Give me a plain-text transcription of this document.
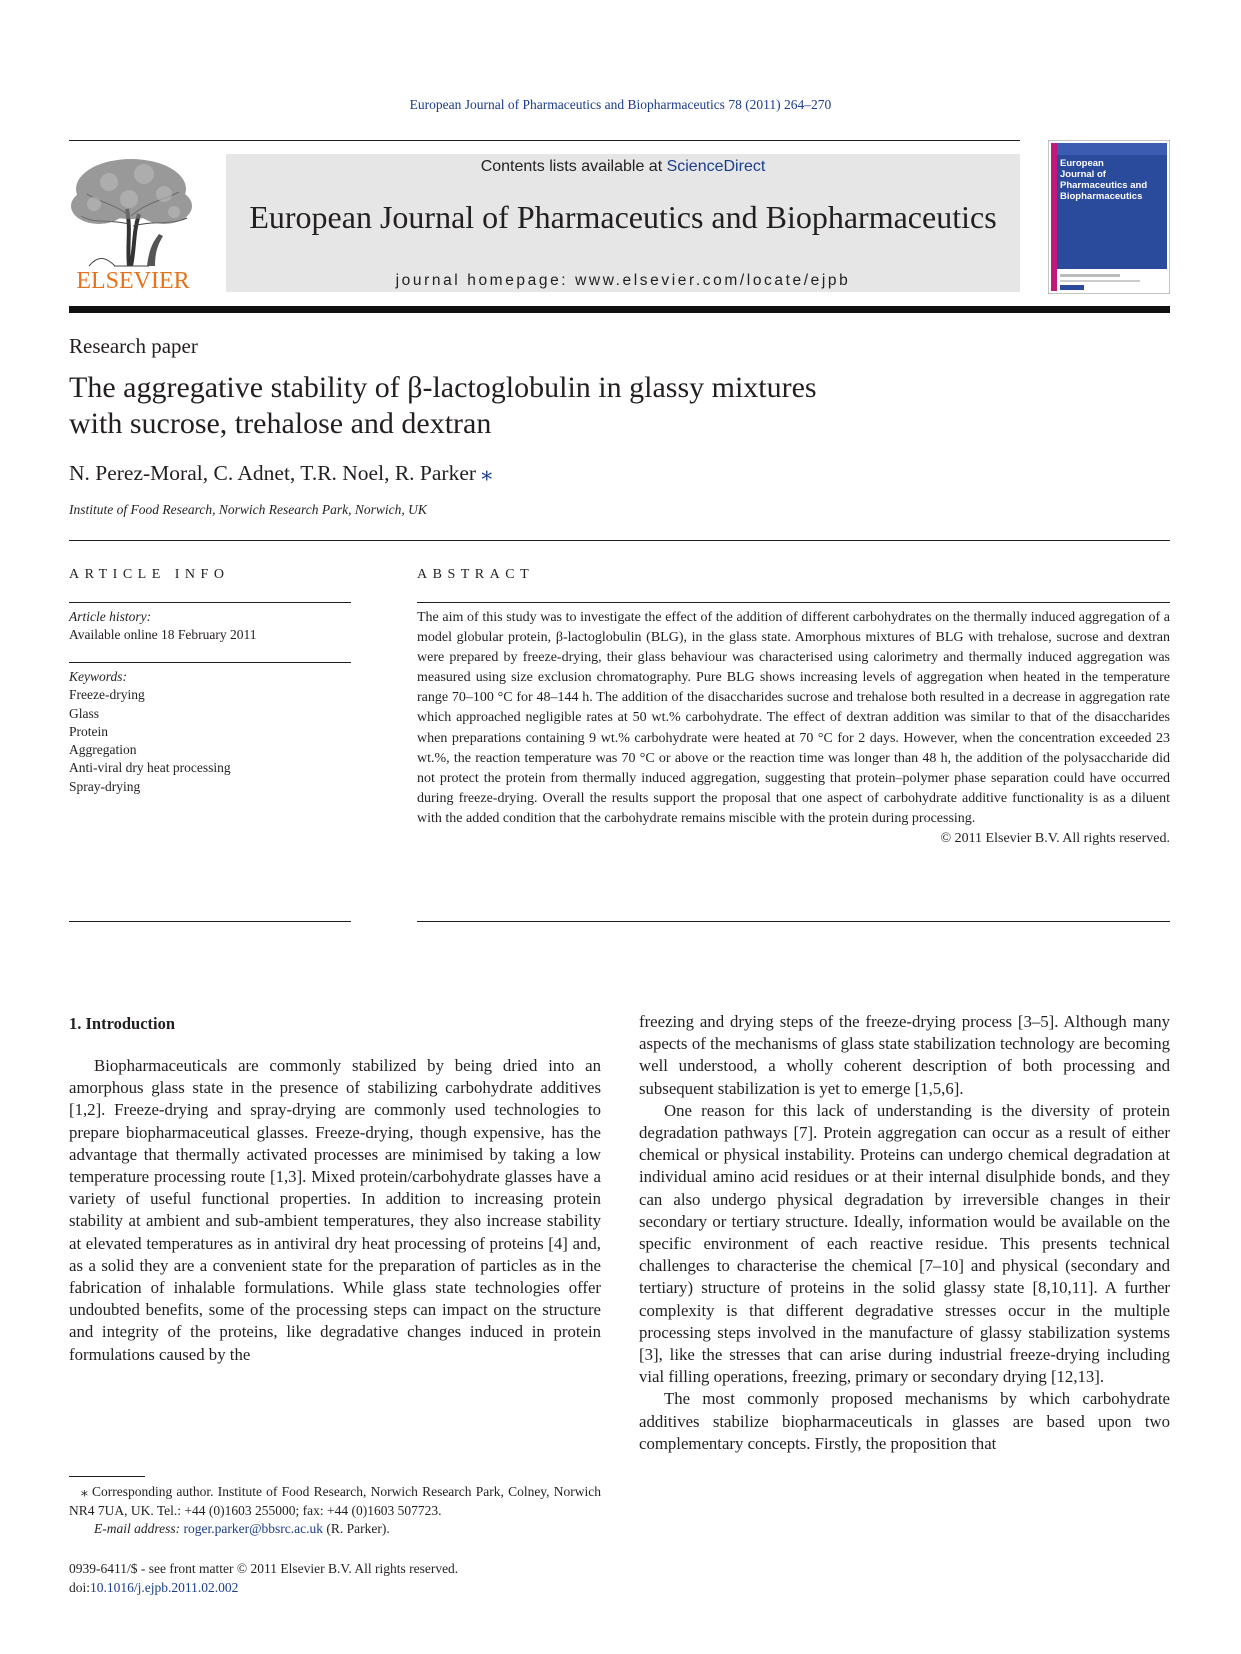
European Journal of Pharmaceutics and Biopharmaceutics 78 (2011) 264–270
ELSEVIER
Contents lists available at ScienceDirect
European Journal of Pharmaceutics and Biopharmaceutics
journal homepage: www.elsevier.com/locate/ejpb
European
Journal of
Pharmaceutics and
Biopharmaceutics
Research paper
The aggregative stability of β-lactoglobulin in glassy mixtures
with sucrose, trehalose and dextran
N. Perez-Moral, C. Adnet, T.R. Noel, R. Parker ⁎
Institute of Food Research, Norwich Research Park, Norwich, UK
ARTICLE INFO	ABSTRACT
Article history:
Available online 18 February 2011
Keywords:
Freeze-drying
Glass
Protein
Aggregation
Anti-viral dry heat processing
Spray-drying
The aim of this study was to investigate the effect of the addition of different carbohydrates on the thermally induced aggregation of a model globular protein, β-lactoglobulin (BLG), in the glass state. Amorphous mixtures of BLG with trehalose, sucrose and dextran were prepared by freeze-drying, their glass behaviour was characterised using calorimetry and thermally induced aggregation was measured using size exclusion chromatography. Pure BLG shows increasing levels of aggregation when heated in the temperature range 70–100 °C for 48–144 h. The addition of the disaccharides sucrose and trehalose both resulted in a decrease in aggregation rate which approached negligible rates at 50 wt.% carbohydrate. The effect of dextran addition was similar to that of the disaccharides when preparations containing 9 wt.% carbohydrate were heated at 70 °C for 2 days. However, when the concentration exceeded 23 wt.%, the reaction temperature was 70 °C or above or the reaction time was longer than 48 h, the addition of the polysaccharide did not protect the protein from thermally induced aggregation, suggesting that protein–polymer phase separation could have occurred during freeze-drying. Overall the results support the proposal that one aspect of carbohydrate additive functionality is as a diluent with the added condition that the carbohydrate remains miscible with the protein during processing.
© 2011 Elsevier B.V. All rights reserved.
1. Introduction

Biopharmaceuticals are commonly stabilized by being dried into an amorphous glass state in the presence of stabilizing carbohydrate additives [1,2]. Freeze-drying and spray-drying are commonly used technologies to prepare biopharmaceutical glasses. Freeze-drying, though expensive, has the advantage that thermally activated processes are minimised by taking a low temperature processing route [1,3]. Mixed protein/carbohydrate glasses have a variety of useful functional properties. In addition to increasing protein stability at ambient and sub-ambient temperatures, they also increase stability at elevated temperatures as in antiviral dry heat processing of proteins [4] and, as a solid they are a convenient state for the preparation of particles as in the fabrication of inhalable formulations. While glass state technologies offer undoubted benefits, some of the processing steps can impact on the structure and integrity of the proteins, like degradative changes induced in protein formulations caused by the

freezing and drying steps of the freeze-drying process [3–5]. Although many aspects of the mechanisms of glass state stabilization technology are becoming well understood, a wholly coherent description of both processing and subsequent stabilization is yet to emerge [1,5,6].

One reason for this lack of understanding is the diversity of protein degradation pathways [7]. Protein aggregation can occur as a result of either chemical or physical instability. Proteins can undergo chemical degradation at individual amino acid residues or at their internal disulphide bonds, and they can also undergo physical degradation by irreversible changes in their secondary or tertiary structure. Ideally, information would be available on the specific environment of each reactive residue. This presents technical challenges to characterise the chemical [7–10] and physical (secondary and tertiary) structure of proteins in the solid glassy state [8,10,11]. A further complexity is that different degradative stresses occur in the multiple processing steps involved in the manufacture of glassy stabilization systems [3], like the stresses that can arise during industrial freeze-drying including vial filling operations, freezing, primary or secondary drying [12,13].

The most commonly proposed mechanisms by which carbohydrate additives stabilize biopharmaceuticals in glasses are based upon two complementary concepts. Firstly, the proposition that

⁎ Corresponding author. Institute of Food Research, Norwich Research Park, Colney, Norwich NR4 7UA, UK. Tel.: +44 (0)1603 255000; fax: +44 (0)1603 507723.
E-mail address: roger.parker@bbsrc.ac.uk (R. Parker).
0939-6411/$ - see front matter © 2011 Elsevier B.V. All rights reserved.
doi:10.1016/j.ejpb.2011.02.002
